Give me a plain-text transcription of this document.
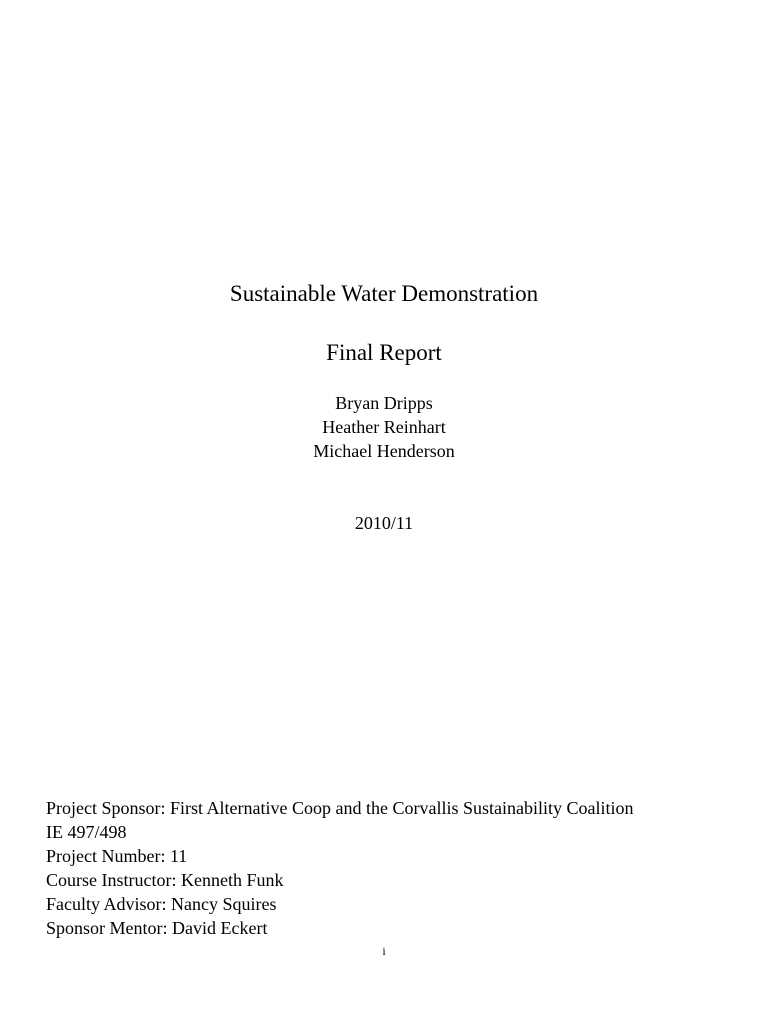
Sustainable Water Demonstration
Final Report
Bryan Dripps
Heather Reinhart
Michael Henderson
2010/11
Project Sponsor: First Alternative Coop and the Corvallis Sustainability Coalition
IE 497/498
Project Number: 11
Course Instructor: Kenneth Funk
Faculty Advisor: Nancy Squires
Sponsor Mentor: David Eckert
i
